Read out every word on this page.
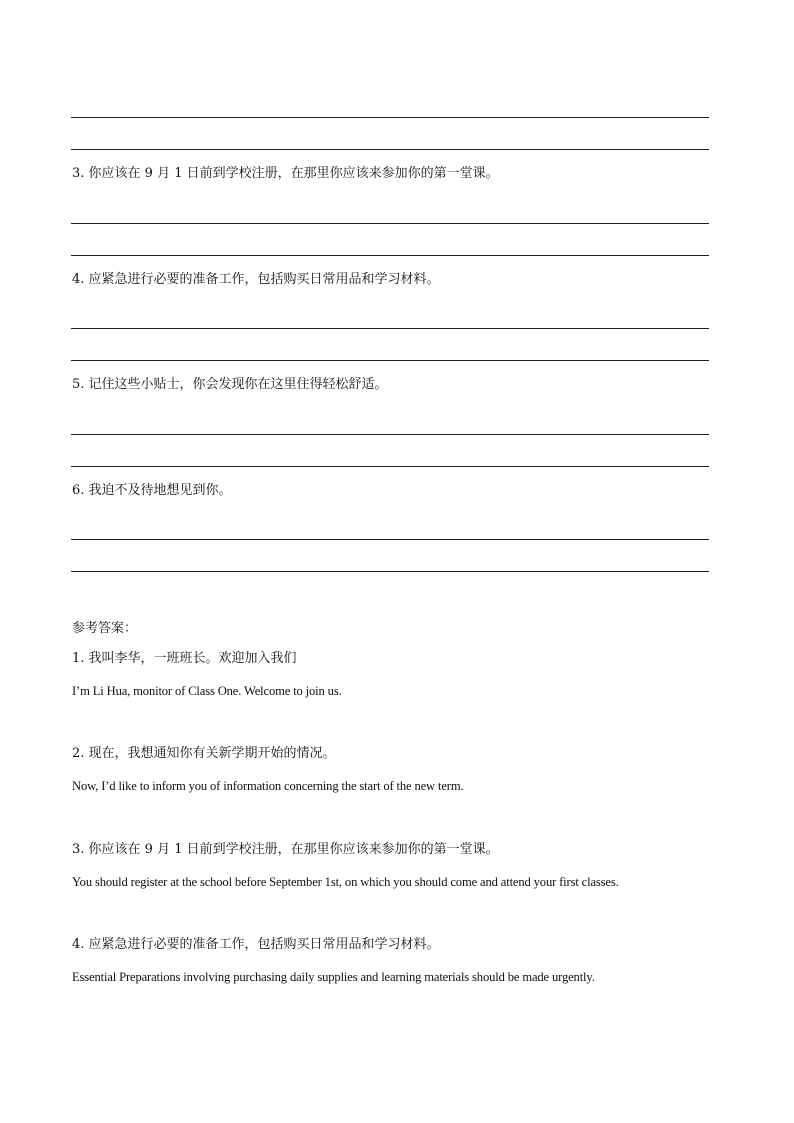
3. 你应该在 9 月 1 日前到学校注册，在那里你应该来参加你的第一堂课。
4. 应紧急进行必要的准备工作，包括购买日常用品和学习材料。
5. 记住这些小贴士，你会发现你在这里住得轻松舒适。
6. 我迫不及待地想见到你。
参考答案：
1. 我叫李华，一班班长。欢迎加入我们
I’m Li Hua, monitor of Class One. Welcome to join us.
2. 现在，我想通知你有关新学期开始的情况。
Now, I’d like to inform you of information concerning the start of the new term.
3. 你应该在 9 月 1 日前到学校注册，在那里你应该来参加你的第一堂课。
You should register at the school before September 1st, on which you should come and attend your first classes.
4. 应紧急进行必要的准备工作，包括购买日常用品和学习材料。
Essential Preparations involving purchasing daily supplies and learning materials should be made urgently.
